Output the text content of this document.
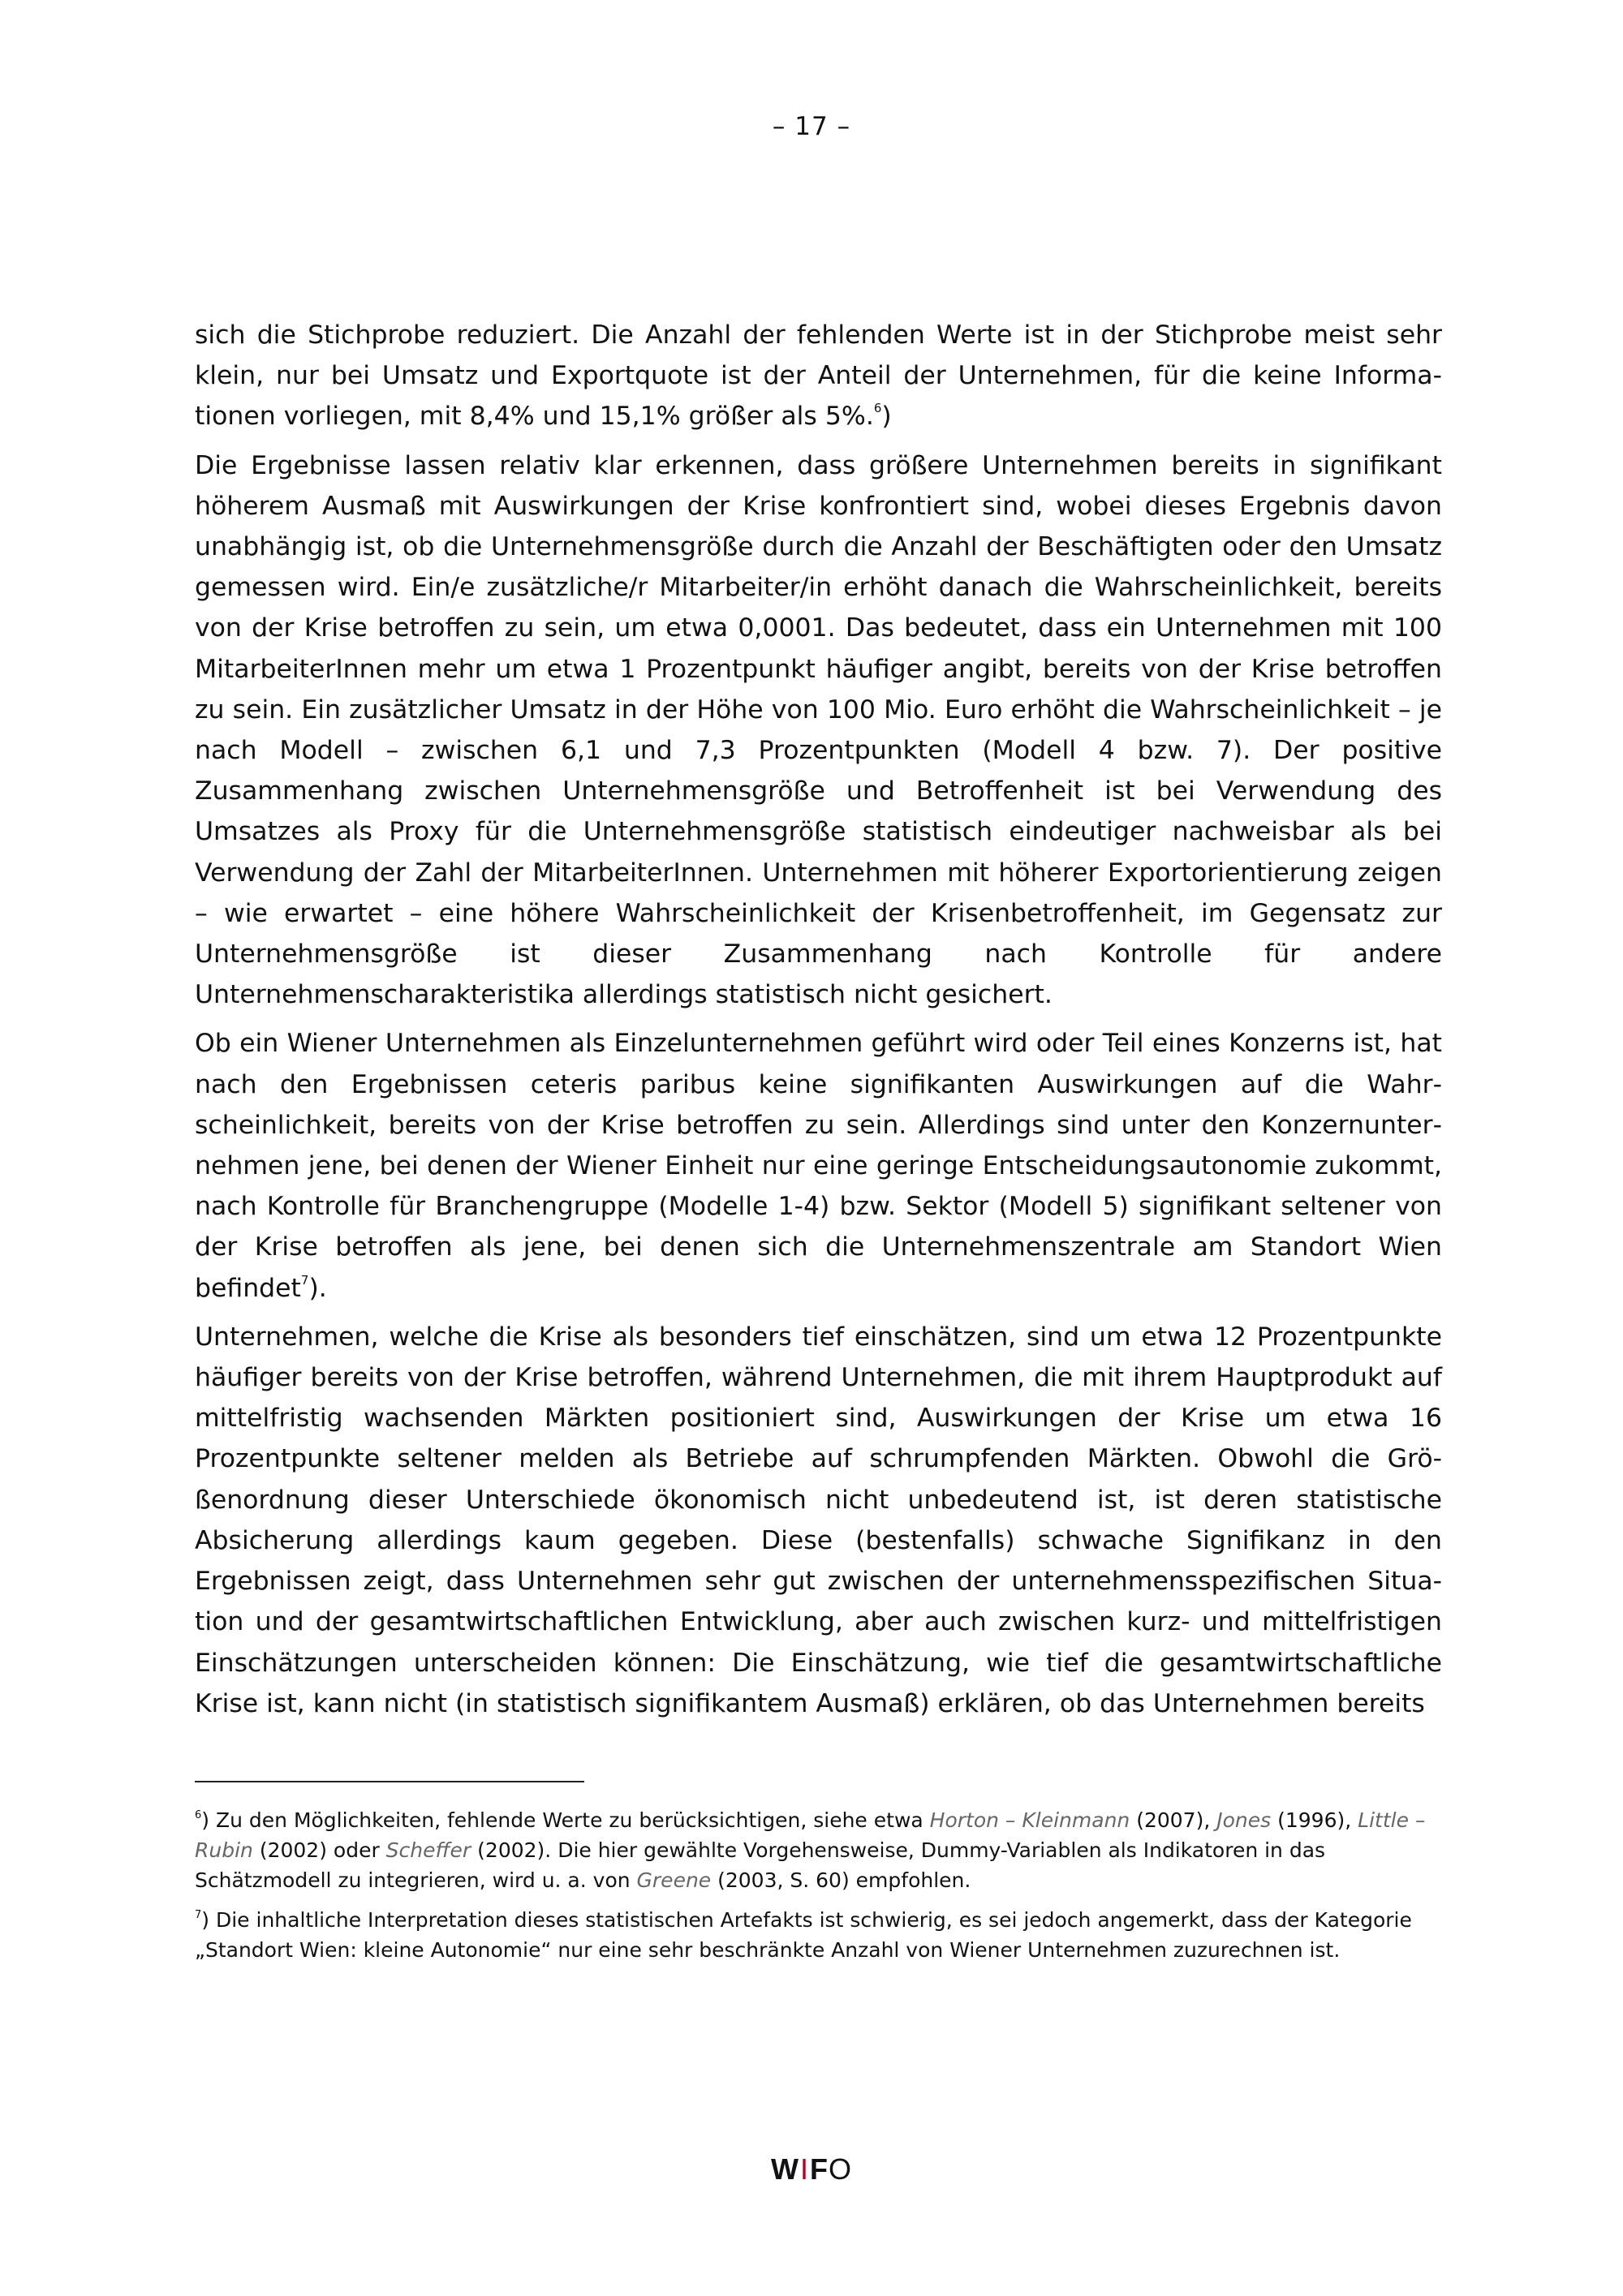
– 17 –

sich die Stichprobe reduziert. Die Anzahl der fehlenden Werte ist in der Stichprobe meist sehr klein, nur bei Umsatz und Exportquote ist der Anteil der Unternehmen, für die keine Informationen vorliegen, mit 8,4% und 15,1% größer als 5%.$^6$)

Die Ergebnisse lassen relativ klar erkennen, dass größere Unternehmen bereits in signifikant höherem Ausmaß mit Auswirkungen der Krise konfrontiert sind, wobei dieses Ergebnis davon unabhängig ist, ob die Unternehmensgröße durch die Anzahl der Beschäftigten oder den Umsatz gemessen wird. Ein/e zusätzliche/r Mitarbeiter/in erhöht danach die Wahrscheinlichkeit, bereits von der Krise betroffen zu sein, um etwa 0,0001. Das bedeutet, dass ein Unternehmen mit 100 MitarbeiterInnen mehr um etwa 1 Prozentpunkt häufiger angibt, bereits von der Krise betroffen zu sein. Ein zusätzlicher Umsatz in der Höhe von 100 Mio. Euro erhöht die Wahrscheinlichkeit – je nach Modell – zwischen 6,1 und 7,3 Prozentpunkten (Modell 4 bzw. 7). Der positive Zusammenhang zwischen Unternehmensgröße und Betroffenheit ist bei Verwendung des Umsatzes als Proxy für die Unternehmensgröße statistisch eindeutiger nachweisbar als bei Verwendung der Zahl der MitarbeiterInnen. Unternehmen mit höherer Exportorientierung zeigen – wie erwartet – eine höhere Wahrscheinlichkeit der Krisenbetroffenheit, im Gegensatz zur Unternehmensgröße ist dieser Zusammenhang nach Kontrolle für andere Unternehmenscharakteristika allerdings statistisch nicht gesichert.

Ob ein Wiener Unternehmen als Einzelunternehmen geführt wird oder Teil eines Konzerns ist, hat nach den Ergebnissen ceteris paribus keine signifikanten Auswirkungen auf die Wahrscheinlichkeit, bereits von der Krise betroffen zu sein. Allerdings sind unter den Konzernunternehmen jene, bei denen der Wiener Einheit nur eine geringe Entscheidungsautonomie zukommt, nach Kontrolle für Branchengruppe (Modelle 1-4) bzw. Sektor (Modell 5) signifikant seltener von der Krise betroffen als jene, bei denen sich die Unternehmenszentrale am Standort Wien befindet$^7$).

Unternehmen, welche die Krise als besonders tief einschätzen, sind um etwa 12 Prozentpunkte häufiger bereits von der Krise betroffen, während Unternehmen, die mit ihrem Hauptprodukt auf mittelfristig wachsenden Märkten positioniert sind, Auswirkungen der Krise um etwa 16 Prozentpunkte seltener melden als Betriebe auf schrumpfenden Märkten. Obwohl die Größenordnung dieser Unterschiede ökonomisch nicht unbedeutend ist, ist deren statistische Absicherung allerdings kaum gegeben. Diese (bestenfalls) schwache Signifikanz in den Ergebnissen zeigt, dass Unternehmen sehr gut zwischen der unternehmensspezifischen Situation und der gesamtwirtschaftlichen Entwicklung, aber auch zwischen kurz- und mittelfristigen Einschätzungen unterscheiden können: Die Einschätzung, wie tief die gesamtwirtschaftliche Krise ist, kann nicht (in statistisch signifikantem Ausmaß) erklären, ob das Unternehmen bereits

$^6$) Zu den Möglichkeiten, fehlende Werte zu berücksichtigen, siehe etwa Horton – Kleinmann (2007), Jones (1996), Little – Rubin (2002) oder Scheffer (2002). Die hier gewählte Vorgehensweise, Dummy-Variablen als Indikatoren in das Schätzmodell zu integrieren, wird u. a. von Greene (2003, S. 60) empfohlen.

$^7$) Die inhaltliche Interpretation dieses statistischen Artefakts ist schwierig, es sei jedoch angemerkt, dass der Kategorie „Standort Wien: kleine Autonomie“ nur eine sehr beschränkte Anzahl von Wiener Unternehmen zuzurechnen ist.

WIFO
